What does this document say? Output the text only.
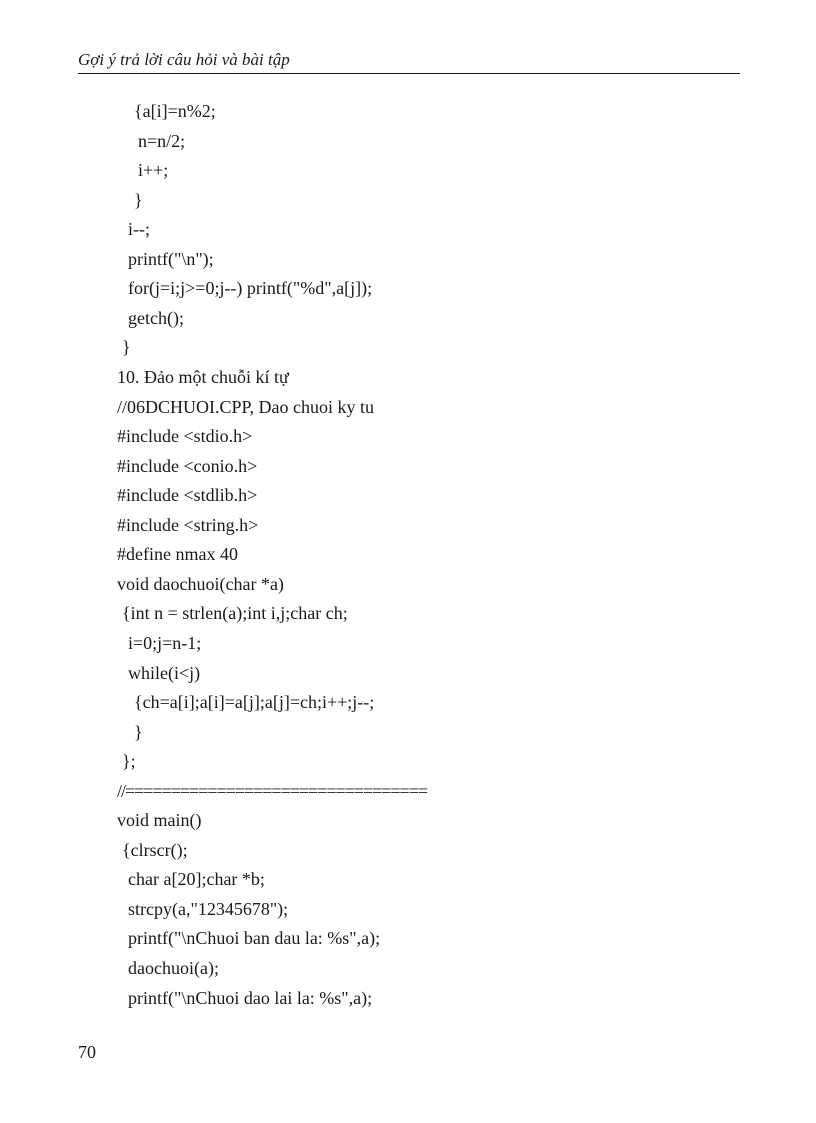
Gợi ý trả lời câu hỏi và bài tập
{a[i]=n%2;
n=n/2;
i++;
}
i--;
printf("\n");
for(j=i;j>=0;j--) printf("%d",a[j]);
getch();
}
10. Đảo một chuỗi kí tự
//06DCHUOI.CPP, Dao chuoi ky tu
#include <stdio.h>
#include <conio.h>
#include <stdlib.h>
#include <string.h>
#define nmax 40
void daochuoi(char *a)
{int n = strlen(a);int i,j;char ch;
i=0;j=n-1;
while(i<j)
{ch=a[i];a[i]=a[j];a[j]=ch;i++;j--;
}
};
//=================================
void main()
{clrscr();
char a[20];char *b;
strcpy(a,"12345678");
printf("\nChuoi ban dau la: %s",a);
daochuoi(a);
printf("\nChuoi dao lai la: %s",a);
70
